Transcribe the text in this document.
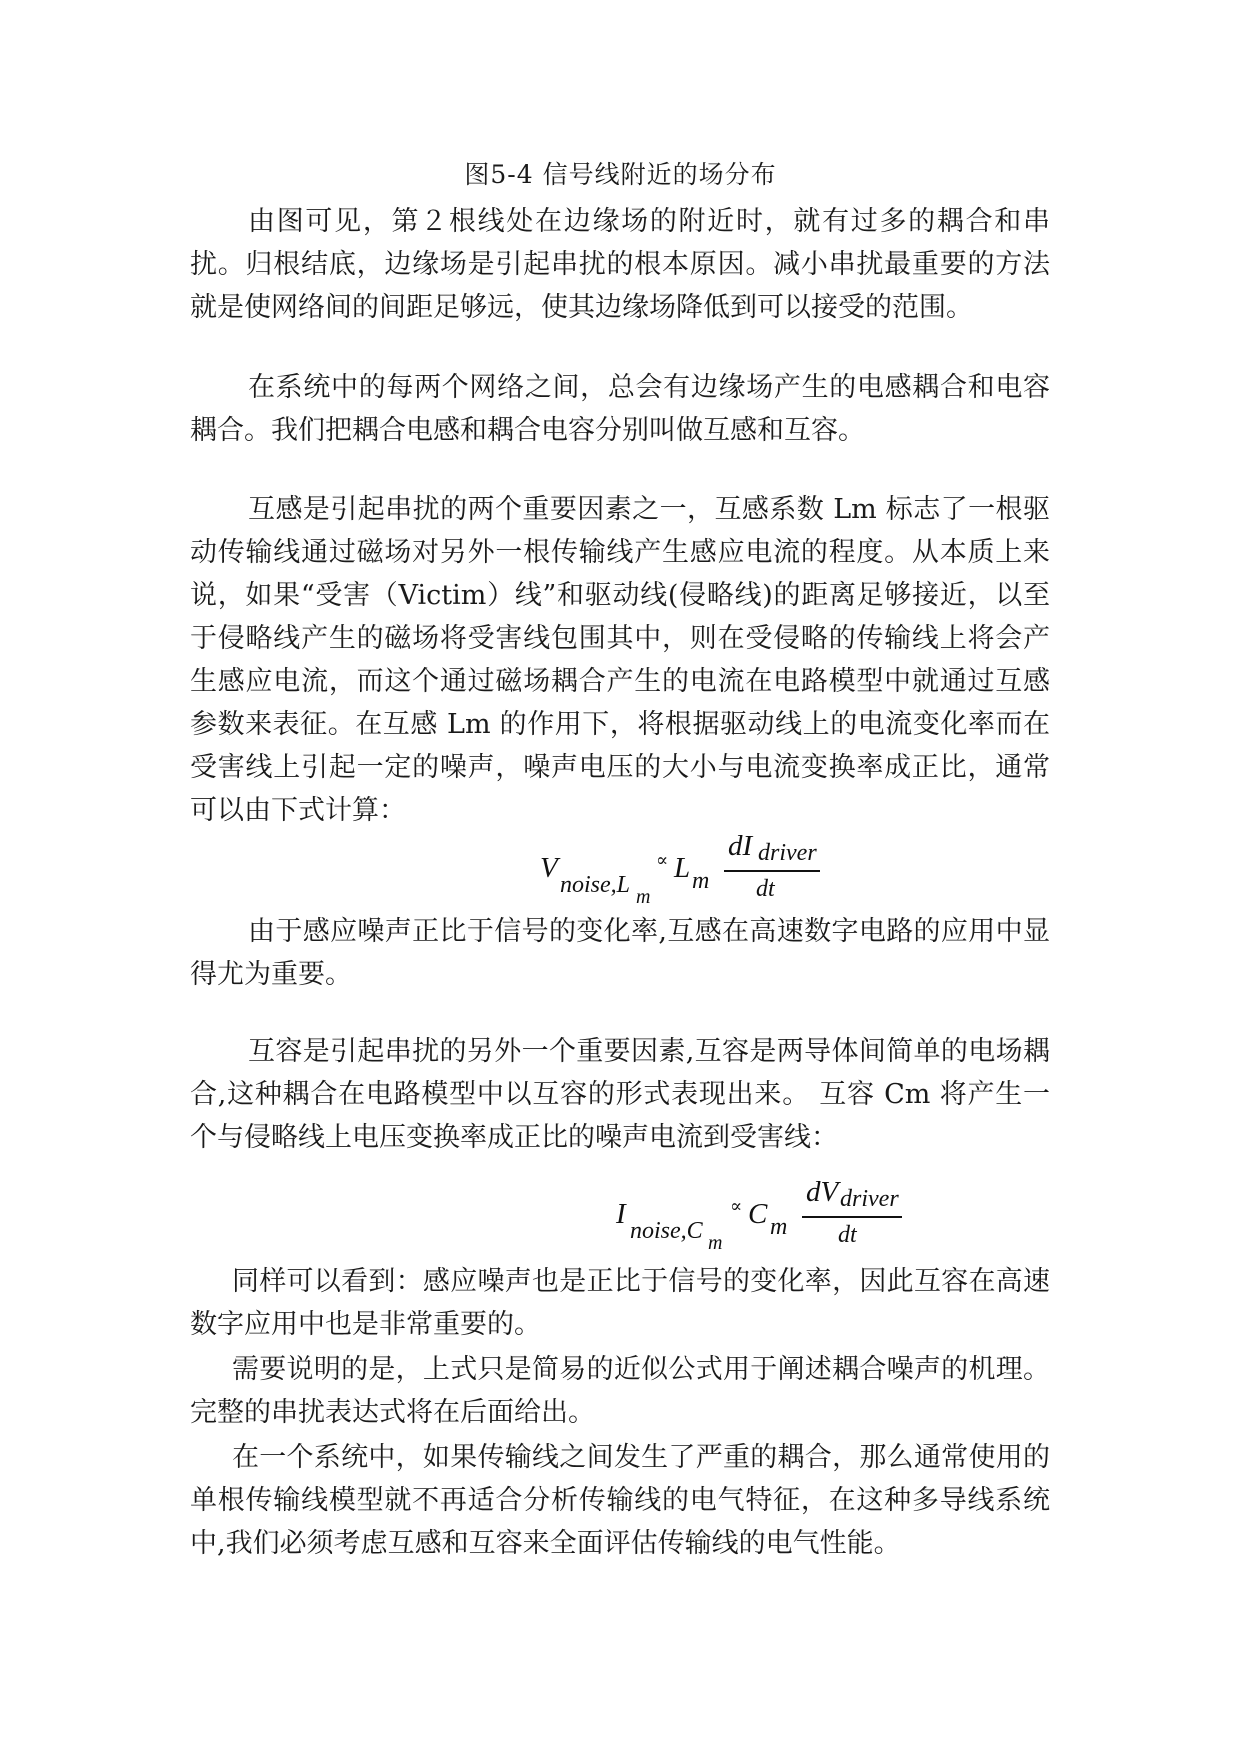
图5-4 信号线附近的场分布

由图可见，第２根线处在边缘场的附近时，就有过多的耦合和串扰。归根结底，边缘场是引起串扰的根本原因。减小串扰最重要的方法就是使网络间的间距足够远，使其边缘场降低到可以接受的范围。

在系统中的每两个网络之间，总会有边缘场产生的电感耦合和电容耦合。我们把耦合电感和耦合电容分别叫做互感和互容。

互感是引起串扰的两个重要因素之一，互感系数 Lm 标志了一根驱动传输线通过磁场对另外一根传输线产生感应电流的程度。从本质上来说，如果“受害（Victim）线”和驱动线(侵略线)的距离足够接近，以至于侵略线产生的磁场将受害线包围其中，则在受侵略的传输线上将会产生感应电流，而这个通过磁场耦合产生的电流在电路模型中就通过互感参数来表征。在互感 Lm 的作用下，将根据驱动线上的电流变化率而在受害线上引起一定的噪声，噪声电压的大小与电流变换率成正比，通常可以由下式计算：

V
noise,L m
∝ L m
dI driver
dt

由于感应噪声正比于信号的变化率,互感在高速数字电路的应用中显得尤为重要。

互容是引起串扰的另外一个重要因素,互容是两导体间简单的电场耦合,这种耦合在电路模型中以互容的形式表现出来。 互容 Cm 将产生一个与侵略线上电压变换率成正比的噪声电流到受害线：

I
noise,C m
∝ C m
dV driver
dt

同样可以看到：感应噪声也是正比于信号的变化率，因此互容在高速数字应用中也是非常重要的。

需要说明的是，上式只是简易的近似公式用于阐述耦合噪声的机理。完整的串扰表达式将在后面给出。

在一个系统中，如果传输线之间发生了严重的耦合，那么通常使用的单根传输线模型就不再适合分析传输线的电气特征，在这种多导线系统中,我们必须考虑互感和互容来全面评估传输线的电气性能。
